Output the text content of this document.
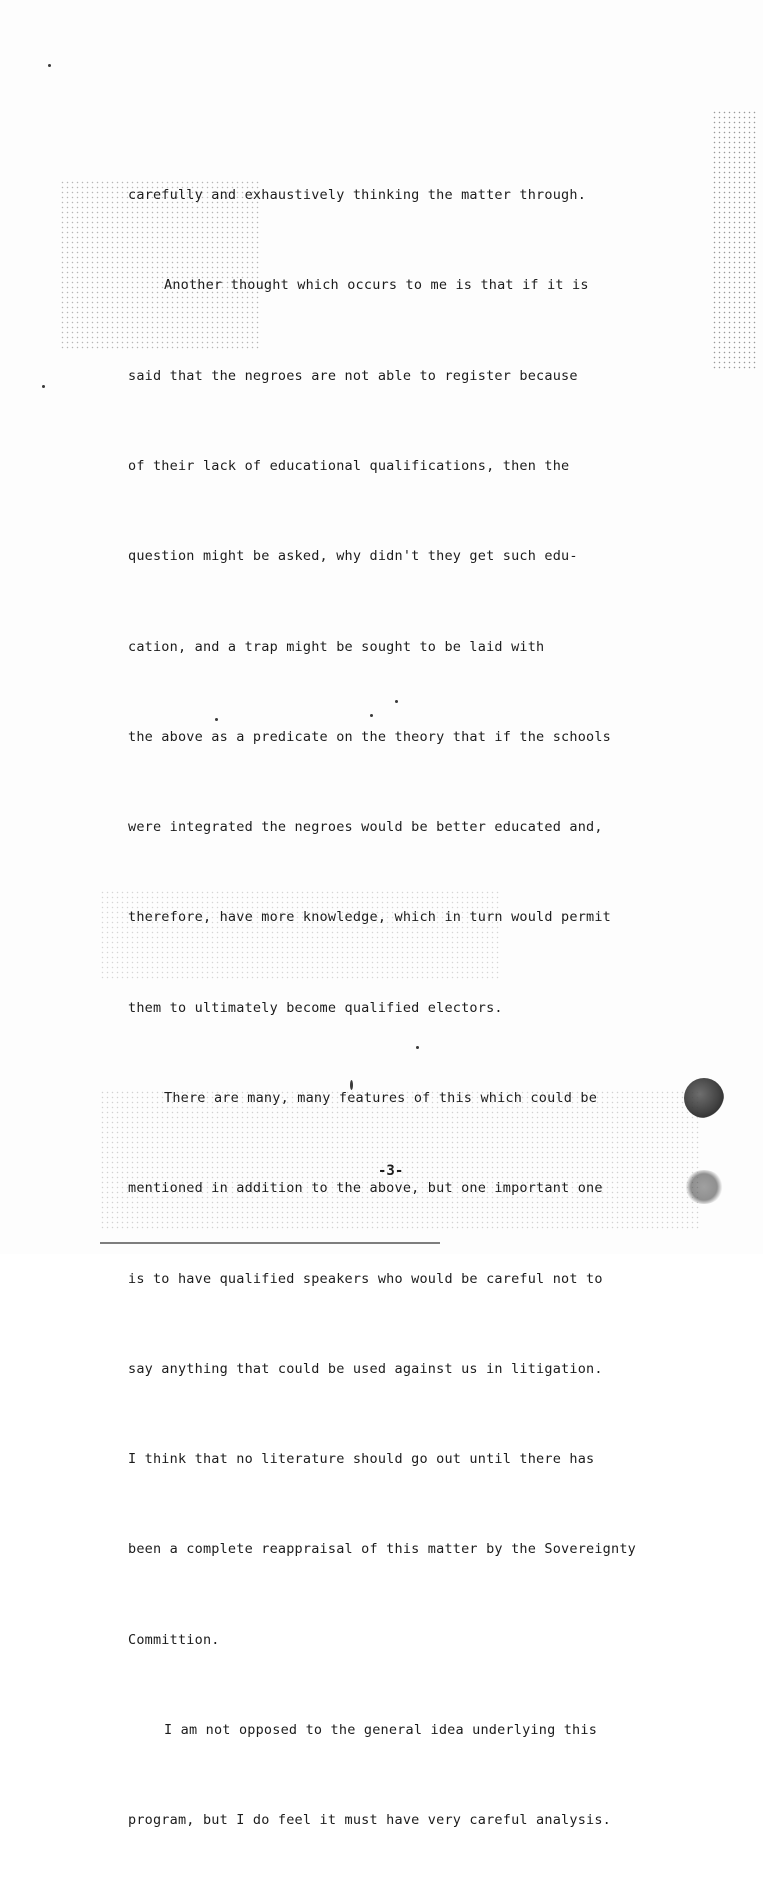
carefully and exhaustively thinking the matter through.

Another thought which occurs to me is that if it is

said that the negroes are not able to register because

of their lack of educational qualifications, then the

question might be asked, why didn't they get such edu-

cation, and a trap might be sought to be laid with

the above as a predicate on the theory that if the schools

were integrated the negroes would be better educated and,

therefore, have more knowledge, which in turn would permit

them to ultimately become qualified electors.

There are many, many features of this which could be

mentioned in addition to the above, but one important one

is to have qualified speakers who would be careful not to

say anything that could be used against us in litigation.

I think that no literature should go out until there has

been a complete reappraisal of this matter by the Sovereignty

Committion.

I am not opposed to the general idea underlying this

program, but I do feel it must have very careful analysis.

-3-
